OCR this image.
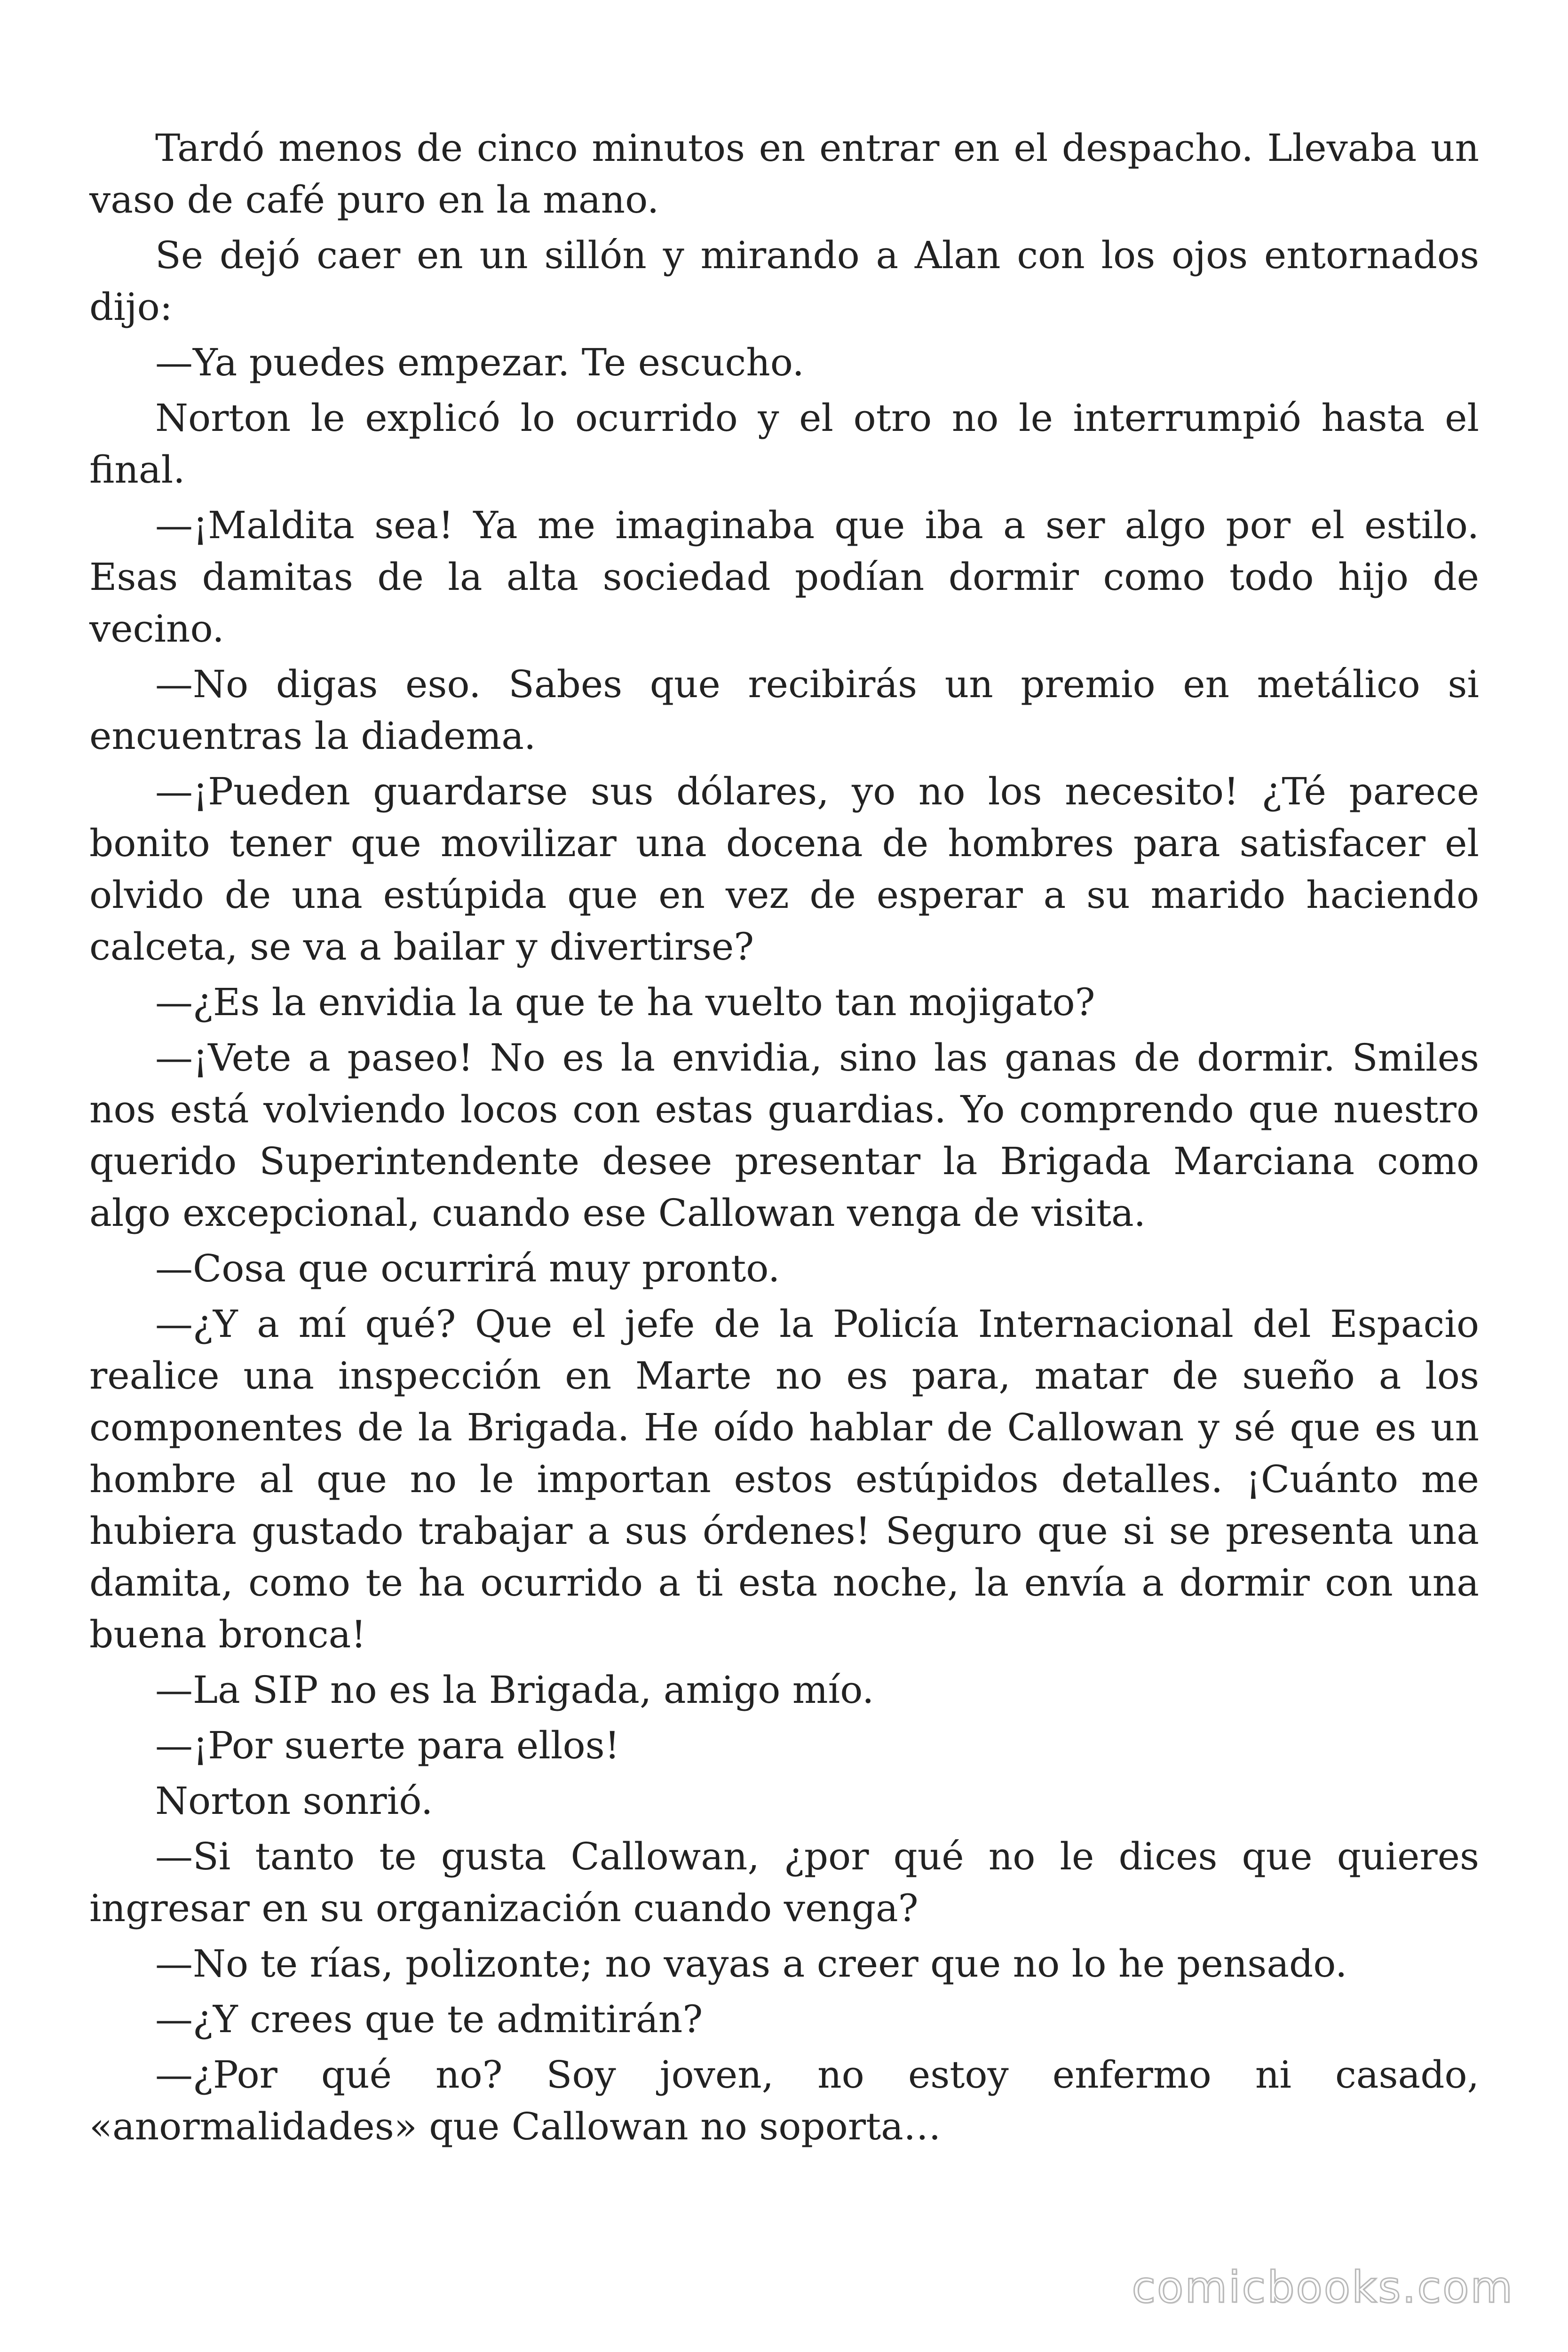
Tardó menos de cinco minutos en entrar en el despacho. Llevaba un vaso de café puro en la mano.

Se dejó caer en un sillón y mirando a Alan con los ojos entornados dijo:

—Ya puedes empezar. Te escucho.

Norton le explicó lo ocurrido y el otro no le interrumpió hasta el final.

—¡Maldita sea! Ya me imaginaba que iba a ser algo por el estilo. Esas damitas de la alta sociedad podían dormir como todo hijo de vecino.

—No digas eso. Sabes que recibirás un premio en metálico si encuentras la diadema.

—¡Pueden guardarse sus dólares, yo no los necesito! ¿Té parece bonito tener que movilizar una docena de hombres para satisfacer el olvido de una estúpida que en vez de esperar a su marido haciendo calceta, se va a bailar y divertirse?

—¿Es la envidia la que te ha vuelto tan mojigato?

—¡Vete a paseo! No es la envidia, sino las ganas de dormir. Smiles nos está volviendo locos con estas guardias. Yo comprendo que nuestro querido Superintendente desee presentar la Brigada Marciana como algo excepcional, cuando ese Callowan venga de visita.

—Cosa que ocurrirá muy pronto.

—¿Y a mí qué? Que el jefe de la Policía Internacional del Espacio realice una inspección en Marte no es para, matar de sueño a los componentes de la Brigada. He oído hablar de Callowan y sé que es un hombre al que no le importan estos estúpidos detalles. ¡Cuánto me hubiera gustado trabajar a sus órdenes! Seguro que si se presenta una damita, como te ha ocurrido a ti esta noche, la envía a dormir con una buena bronca!

—La SIP no es la Brigada, amigo mío.

—¡Por suerte para ellos!

Norton sonrió.

—Si tanto te gusta Callowan, ¿por qué no le dices que quieres ingresar en su organización cuando venga?

—No te rías, polizonte; no vayas a creer que no lo he pensado.

—¿Y crees que te admitirán?

—¿Por qué no? Soy joven, no estoy enfermo ni casado, «anormalidades» que Callowan no soporta…

comicbooks.com
